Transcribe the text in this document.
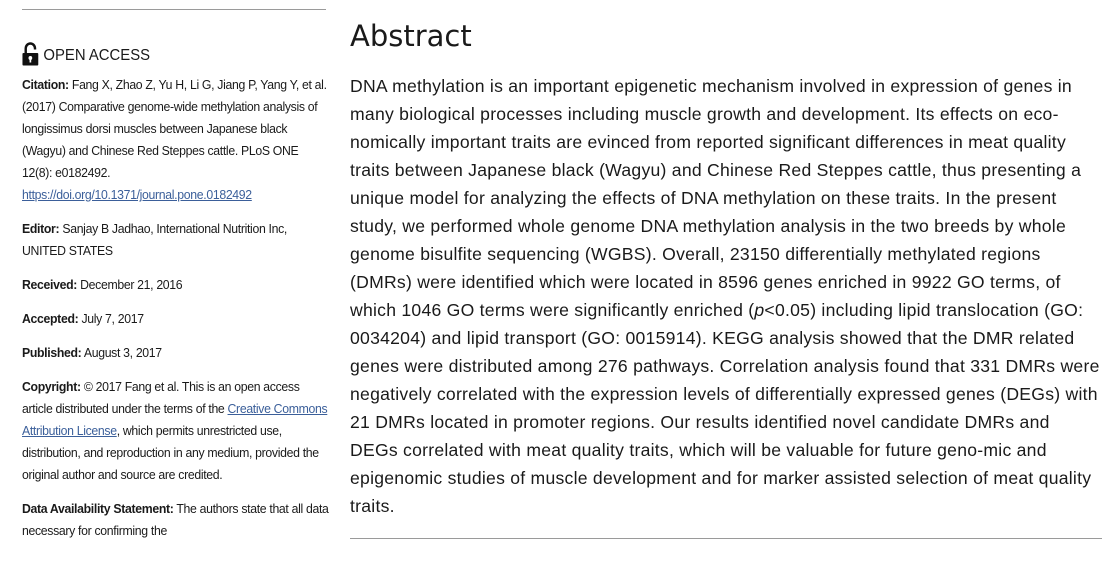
OPEN ACCESS
Citation: Fang X, Zhao Z, Yu H, Li G, Jiang P, Yang Y, et al. (2017) Comparative genome-wide methylation analysis of longissimus dorsi muscles between Japanese black (Wagyu) and Chinese Red Steppes cattle. PLoS ONE 12(8): e0182492. https://doi.org/10.1371/journal.pone.0182492
Editor: Sanjay B Jadhao, International Nutrition Inc, UNITED STATES
Received: December 21, 2016
Accepted: July 7, 2017
Published: August 3, 2017
Copyright: © 2017 Fang et al. This is an open access article distributed under the terms of the Creative Commons Attribution License, which permits unrestricted use, distribution, and reproduction in any medium, provided the original author and source are credited.
Data Availability Statement: The authors state that all data necessary for confirming the
Abstract

DNA methylation is an important epigenetic mechanism involved in expression of genes in many biological processes including muscle growth and development. Its effects on eco-nomically important traits are evinced from reported significant differences in meat quality traits between Japanese black (Wagyu) and Chinese Red Steppes cattle, thus presenting a unique model for analyzing the effects of DNA methylation on these traits. In the present study, we performed whole genome DNA methylation analysis in the two breeds by whole genome bisulfite sequencing (WGBS). Overall, 23150 differentially methylated regions (DMRs) were identified which were located in 8596 genes enriched in 9922 GO terms, of which 1046 GO terms were significantly enriched (p<0.05) including lipid translocation (GO: 0034204) and lipid transport (GO: 0015914). KEGG analysis showed that the DMR related genes were distributed among 276 pathways. Correlation analysis found that 331 DMRs were negatively correlated with the expression levels of differentially expressed genes (DEGs) with 21 DMRs located in promoter regions. Our results identified novel candidate DMRs and DEGs correlated with meat quality traits, which will be valuable for future geno-mic and epigenomic studies of muscle development and for marker assisted selection of meat quality traits.
